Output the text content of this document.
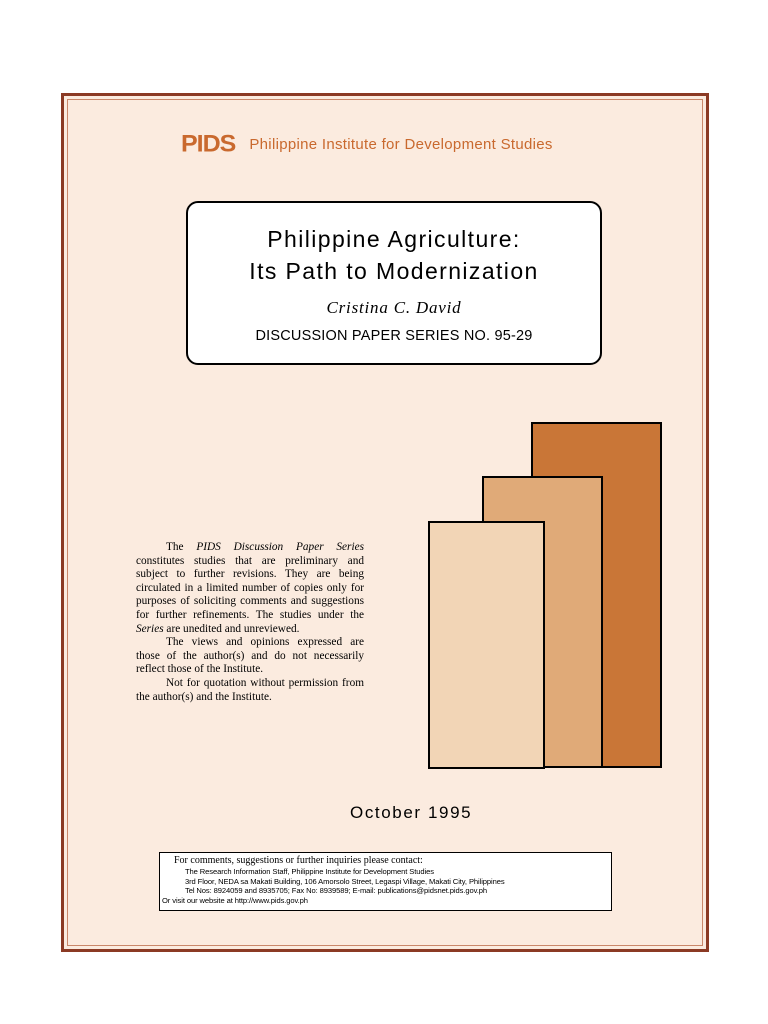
PIDS Philippine Institute for Development Studies
Philippine Agriculture:
Its Path to Modernization
Cristina C. David
DISCUSSION PAPER SERIES NO. 95-29

The PIDS Discussion Paper Series constitutes studies that are preliminary and subject to further revisions. They are being circulated in a limited number of copies only for purposes of soliciting comments and suggestions for further refinements. The studies under the Series are unedited and unreviewed.

The views and opinions expressed are those of the author(s) and do not necessarily reflect those of the Institute.

Not for quotation without permission from the author(s) and the Institute.

October 1995
For comments, suggestions or further inquiries please contact:
The Research Information Staff, Philippine Institute for Development Studies
3rd Floor, NEDA sa Makati Building, 106 Amorsolo Street, Legaspi Village, Makati City, Philippines
Tel Nos: 8924059 and 8935705; Fax No: 8939589; E-mail: publications@pidsnet.pids.gov.ph
Or visit our website at http://www.pids.gov.ph
